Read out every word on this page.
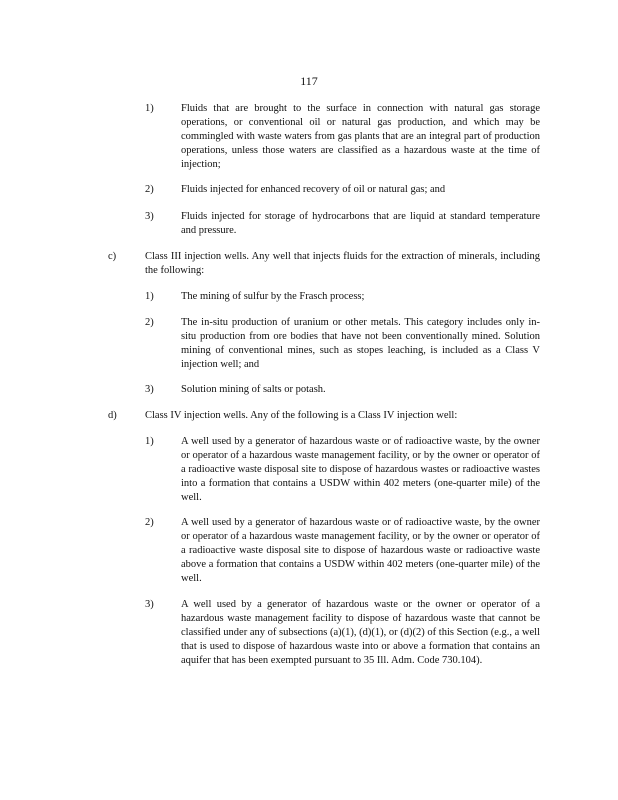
117
1)	Fluids that are brought to the surface in connection with natural gas storage operations, or conventional oil or natural gas production, and which may be commingled with waste waters from gas plants that are an integral part of production operations, unless those waters are classified as a hazardous waste at the time of injection;

2)	Fluids injected for enhanced recovery of oil or natural gas; and

3)	Fluids injected for storage of hydrocarbons that are liquid at standard temperature and pressure.

c)	Class III injection wells. Any well that injects fluids for the extraction of minerals, including the following:

1)	The mining of sulfur by the Frasch process;

2)	The in-situ production of uranium or other metals. This category includes only in-situ production from ore bodies that have not been conventionally mined. Solution mining of conventional mines, such as stopes leaching, is included as a Class V injection well; and

3)	Solution mining of salts or potash.

d)	Class IV injection wells. Any of the following is a Class IV injection well:

1)	A well used by a generator of hazardous waste or of radioactive waste, by the owner or operator of a hazardous waste management facility, or by the owner or operator of a radioactive waste disposal site to dispose of hazardous wastes or radioactive wastes into a formation that contains a USDW within 402 meters (one-quarter mile) of the well.

2)	A well used by a generator of hazardous waste or of radioactive waste, by the owner or operator of a hazardous waste management facility, or by the owner or operator of a radioactive waste disposal site to dispose of hazardous waste or radioactive waste above a formation that contains a USDW within 402 meters (one-quarter mile) of the well.

3)	A well used by a generator of hazardous waste or the owner or operator of a hazardous waste management facility to dispose of hazardous waste that cannot be classified under any of subsections (a)(1), (d)(1), or (d)(2) of this Section (e.g., a well that is used to dispose of hazardous waste into or above a formation that contains an aquifer that has been exempted pursuant to 35 Ill. Adm. Code 730.104).
